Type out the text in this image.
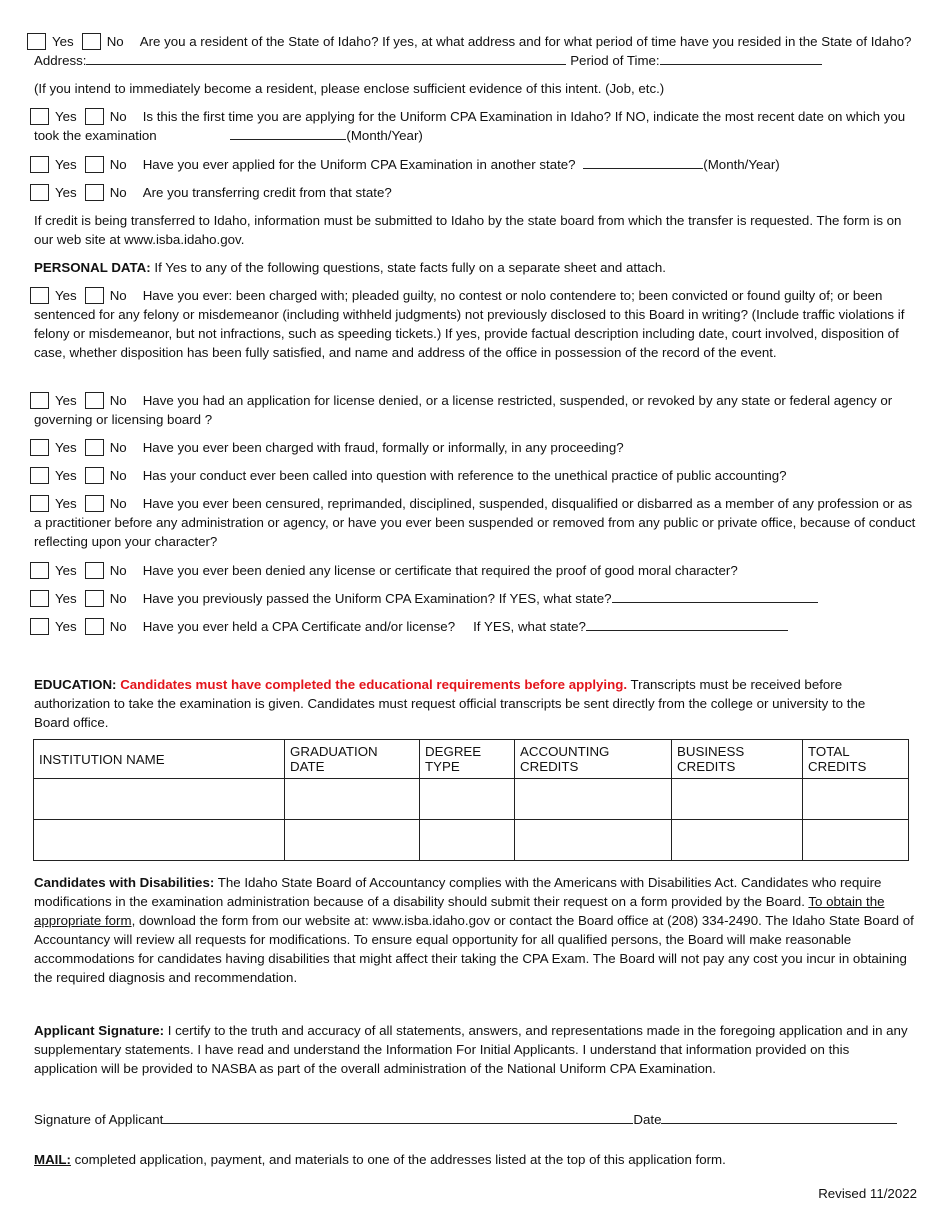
Yes No Are you a resident of the State of Idaho? If yes, at what address and for what period of time have you resided in the State of Idaho? Address:	Period of Time:
(If you intend to immediately become a resident, please enclose sufficient evidence of this intent. (Job, etc.)
Yes No Is this the first time you are applying for the Uniform CPA Examination in Idaho? If NO, indicate the most recent date on which you took the examination	(Month/Year)
Yes No Have you ever applied for the Uniform CPA Examination in another state?	(Month/Year)
Yes No Are you transferring credit from that state?
If credit is being transferred to Idaho, information must be submitted to Idaho by the state board from which the transfer is requested. The form is on our web site at www.isba.idaho.gov.
PERSONAL DATA: If Yes to any of the following questions, state facts fully on a separate sheet and attach.
Yes No Have you ever: been charged with; pleaded guilty, no contest or nolo contendere to; been convicted or found guilty of; or been sentenced for any felony or misdemeanor (including withheld judgments) not previously disclosed to this Board in writing? (Include traffic violations if felony or misdemeanor, but not infractions, such as speeding tickets.) If yes, provide factual description including date, court involved, disposition of case, whether disposition has been fully satisfied, and name and address of the office in possession of the record of the event.
Yes No Have you had an application for license denied, or a license restricted, suspended, or revoked by any state or federal agency or governing or licensing board ?
Yes No Have you ever been charged with fraud, formally or informally, in any proceeding?
Yes No Has your conduct ever been called into question with reference to the unethical practice of public accounting?
Yes No Have you ever been censured, reprimanded, disciplined, suspended, disqualified or disbarred as a member of any profession or as a practitioner before any administration or agency, or have you ever been suspended or removed from any public or private office, because of conduct reflecting upon your character?
Yes No Have you ever been denied any license or certificate that required the proof of good moral character?
Yes No Have you previously passed the Uniform CPA Examination? If YES, what state?
Yes No Have you ever held a CPA Certificate and/or license? If YES, what state?
EDUCATION: Candidates must have completed the educational requirements before applying. Transcripts must be received before authorization to take the examination is given. Candidates must request official transcripts be sent directly from the college or university to the Board office.
INSTITUTION NAME	GRADUATION DATE	DEGREE TYPE	ACCOUNTING CREDITS	BUSINESS CREDITS	TOTAL CREDITS

Candidates with Disabilities: The Idaho State Board of Accountancy complies with the Americans with Disabilities Act. Candidates who require modifications in the examination administration because of a disability should submit their request on a form provided by the Board. To obtain the appropriate form, download the form from our website at: www.isba.idaho.gov or contact the Board office at (208) 334-2490. The Idaho State Board of Accountancy will review all requests for modifications. To ensure equal opportunity for all qualified persons, the Board will make reasonable accommodations for candidates having disabilities that might affect their taking the CPA Exam. The Board will not pay any cost you incur in obtaining the required diagnosis and recommendation.
Applicant Signature: I certify to the truth and accuracy of all statements, answers, and representations made in the foregoing application and in any supplementary statements. I have read and understand the Information For Initial Applicants. I understand that information provided on this application will be provided to NASBA as part of the overall administration of the National Uniform CPA Examination.
Signature of Applicant	Date
MAIL: completed application, payment, and materials to one of the addresses listed at the top of this application form.
Revised 11/2022
